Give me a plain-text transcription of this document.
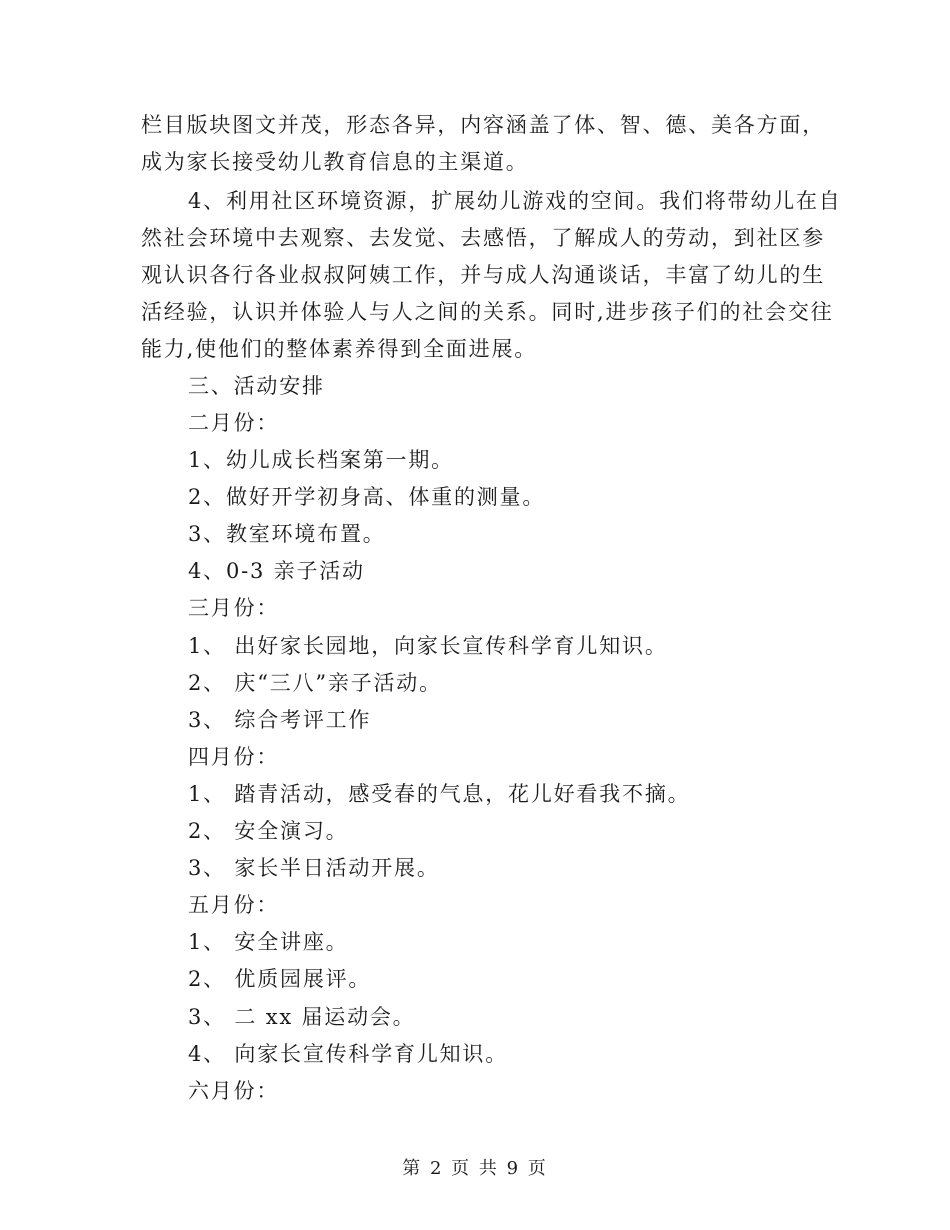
栏目版块图文并茂，形态各异，内容涵盖了体、智、德、美各方面，
成为家长接受幼儿教育信息的主渠道。
4、利用社区环境资源，扩展幼儿游戏的空间。我们将带幼儿在自
然社会环境中去观察、去发觉、去感悟，了解成人的劳动，到社区参
观认识各行各业叔叔阿姨工作，并与成人沟通谈话，丰富了幼儿的生
活经验，认识并体验人与人之间的关系。同时,进步孩子们的社会交往
能力,使他们的整体素养得到全面进展。
三、活动安排
二月份：
1、幼儿成长档案第一期。
2、做好开学初身高、体重的测量。
3、教室环境布置。
4、0-3 亲子活动
三月份：
1、 出好家长园地，向家长宣传科学育儿知识。
2、 庆“三八”亲子活动。
3、 综合考评工作
四月份：
1、 踏青活动，感受春的气息，花儿好看我不摘。
2、 安全演习。
3、 家长半日活动开展。
五月份：
1、 安全讲座。
2、 优质园展评。
3、 二 xx 届运动会。
4、 向家长宣传科学育儿知识。
六月份：
第 2 页 共 9 页
